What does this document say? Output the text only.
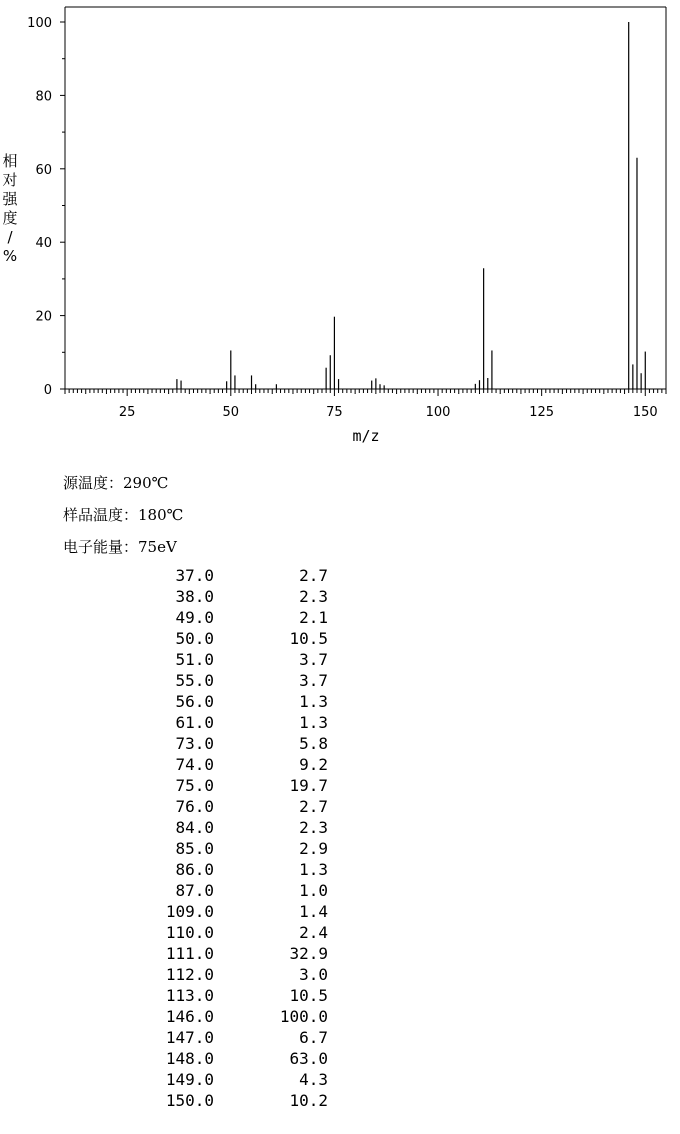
0
20
40
60
80
100
25	50	75	100	125	150
m/z
相对强度/ %
源温度：290℃
样品温度：180℃
电子能量：75eV
37.0	2.7
38.0	2.3
49.0	2.1
50.0	10.5
51.0	3.7
55.0	3.7
56.0	1.3
61.0	1.3
73.0	5.8
74.0	9.2
75.0	19.7
76.0	2.7
84.0	2.3
85.0	2.9
86.0	1.3
87.0	1.0
109.0	1.4
110.0	2.4
111.0	32.9
112.0	3.0
113.0	10.5
146.0	100.0
147.0	6.7
148.0	63.0
149.0	4.3
150.0	10.2
